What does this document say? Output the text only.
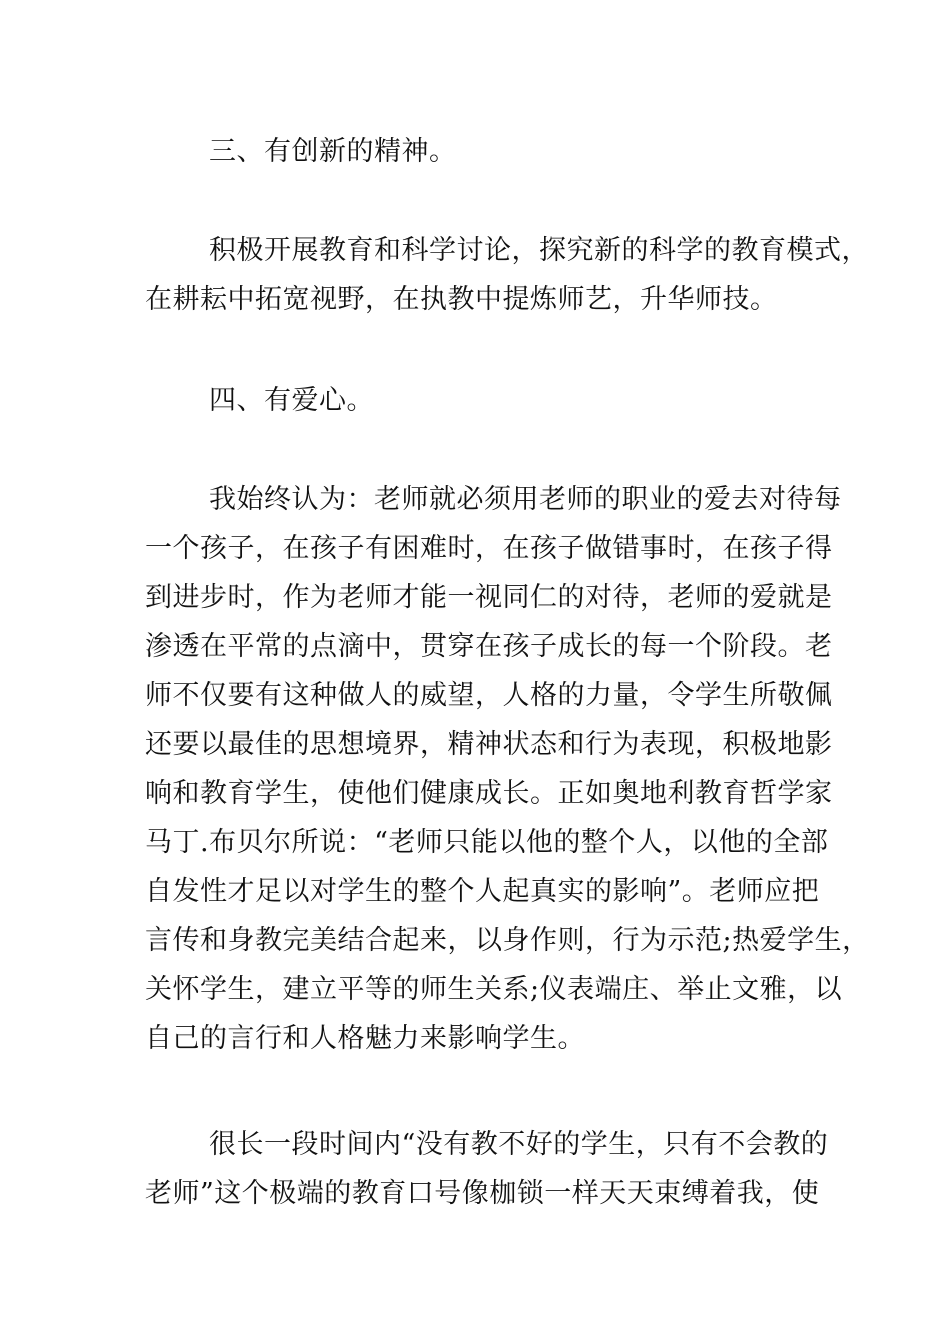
三、有创新的精神。

积极开展教育和科学讨论，探究新的科学的教育模式，
在耕耘中拓宽视野，在执教中提炼师艺，升华师技。

四、有爱心。

我始终认为：老师就必须用老师的职业的爱去对待每
一个孩子，在孩子有困难时，在孩子做错事时，在孩子得
到进步时，作为老师才能一视同仁的对待，老师的爱就是
渗透在平常的点滴中，贯穿在孩子成长的每一个阶段。老
师不仅要有这种做人的威望，人格的力量，令学生所敬佩
还要以最佳的思想境界，精神状态和行为表现，积极地影
响和教育学生，使他们健康成长。正如奥地利教育哲学家
马丁.布贝尔所说：“老师只能以他的整个人，以他的全部
自发性才足以对学生的整个人起真实的影响”。老师应把
言传和身教完美结合起来，以身作则，行为示范;热爱学生，
关怀学生，建立平等的师生关系;仪表端庄、举止文雅，以
自己的言行和人格魅力来影响学生。

很长一段时间内“没有教不好的学生，只有不会教的
老师”这个极端的教育口号像枷锁一样天天束缚着我，使
